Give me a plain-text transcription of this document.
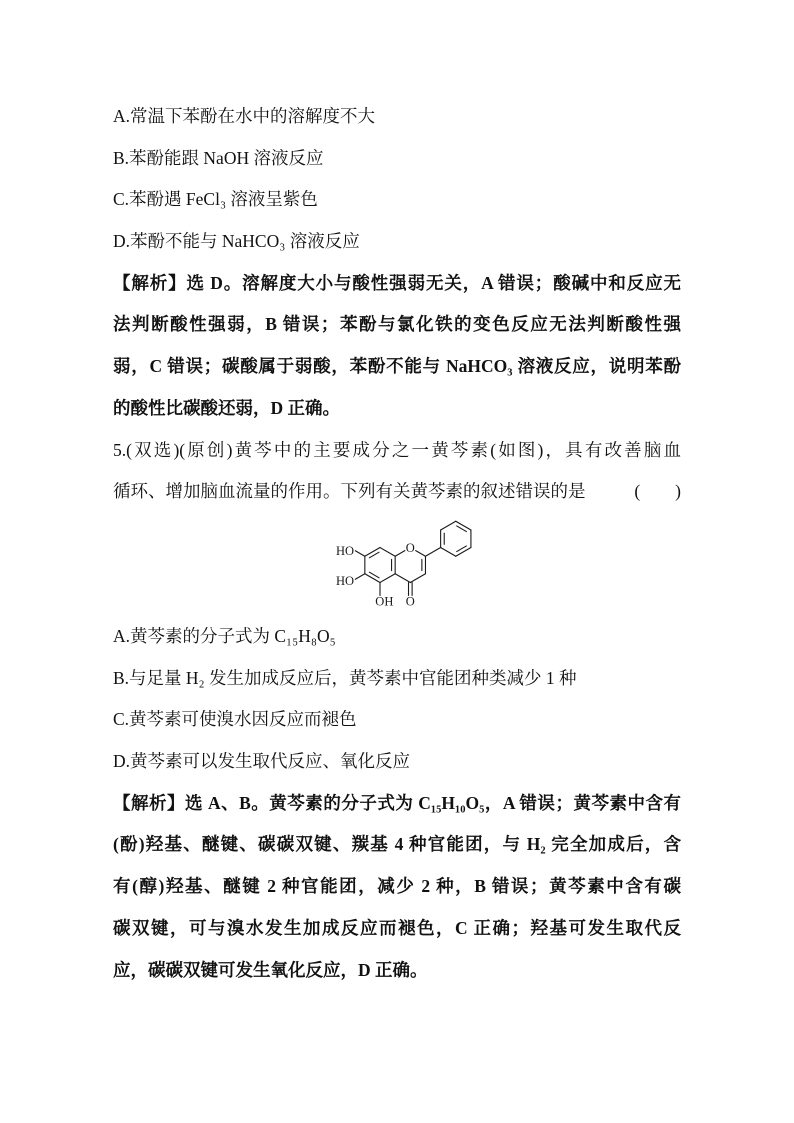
A.常温下苯酚在水中的溶解度不大
B.苯酚能跟 NaOH 溶液反应
C.苯酚遇 FeCl₃ 溶液呈紫色
D.苯酚不能与 NaHCO₃ 溶液反应
【解析】选 D。溶解度大小与酸性强弱无关，A 错误；酸碱中和反应无
法判断酸性强弱，B 错误；苯酚与氯化铁的变色反应无法判断酸性强
弱，C 错误；碳酸属于弱酸，苯酚不能与 NaHCO₃ 溶液反应，说明苯酚
的酸性比碳酸还弱，D 正确。
5.(双选)(原创)黄芩中的主要成分之一黄芩素(如图)，具有改善脑血
循环、增加脑血流量的作用。下列有关黄芩素的叙述错误的是	(　　)
HO
HO
OH
O
O
A.黄芩素的分子式为 C₁₅H₈O₅
B.与足量 H₂ 发生加成反应后，黄芩素中官能团种类减少 1 种
C.黄芩素可使溴水因反应而褪色
D.黄芩素可以发生取代反应、氧化反应
【解析】选 A、B。黄芩素的分子式为 C₁₅H₁₀O₅，A 错误；黄芩素中含有
(酚)羟基、醚键、碳碳双键、羰基 4 种官能团，与 H₂ 完全加成后，含
有(醇)羟基、醚键 2 种官能团，减少 2 种，B 错误；黄芩素中含有碳
碳双键，可与溴水发生加成反应而褪色，C 正确；羟基可发生取代反
应，碳碳双键可发生氧化反应，D 正确。
